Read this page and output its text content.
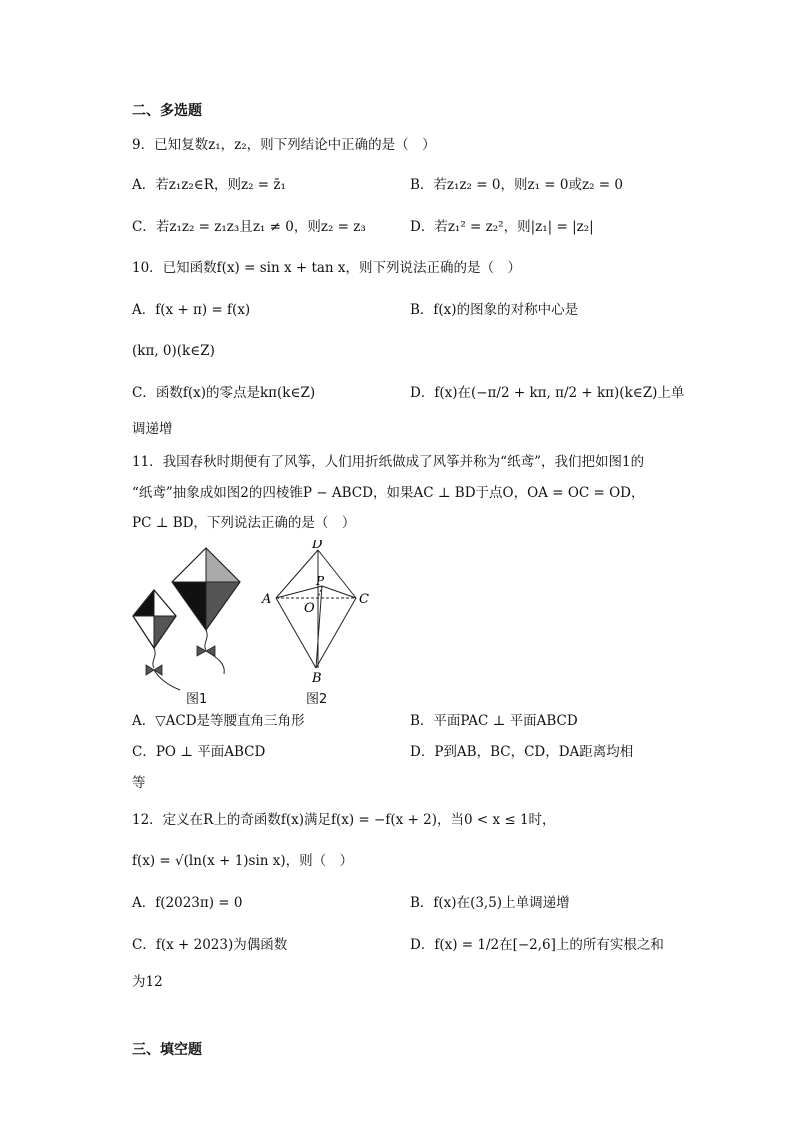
二、多选题
9．已知复数z₁，z₂，则下列结论中正确的是（　）
A．若z₁z₂∈R，则z₂ = z̄₁	B．若z₁z₂ = 0，则z₁ = 0或z₂ = 0
C．若z₁z₂ = z₁z₃且z₁ ≠ 0，则z₂ = z₃	D．若z₁² = z₂²，则|z₁| = |z₂|
10．已知函数f(x) = sin x + tan x，则下列说法正确的是（　）
A．f(x + π) = f(x)	B．f(x)的图象的对称中心是
(kπ, 0)(k∈Z)
C．函数f(x)的零点是kπ(k∈Z)	D．f(x)在(−π/2 + kπ, π/2 + kπ)(k∈Z)上单
调递增
11．我国春秋时期便有了风筝，人们用折纸做成了风筝并称为“纸鸢”，我们把如图1的
“纸鸢”抽象成如图2的四棱锥P − ABCD，如果AC ⊥ BD于点O，OA = OC = OD，
PC ⊥ BD，下列说法正确的是（　）
D
P
A
O
C
B
图1	图2
A．▽ACD是等腰直角三角形	B．平面PAC ⊥ 平面ABCD
C．PO ⊥ 平面ABCD	D．P到AB，BC，CD，DA距离均相
等
12．定义在R上的奇函数f(x)满足f(x) = −f(x + 2)，当0 < x ≤ 1时，
f(x) = √(ln(x + 1)sin x)，则（　）
A．f(2023π) = 0	B．f(x)在(3,5)上单调递增
C．f(x + 2023)为偶函数	D．f(x) = 1/2在[−2,6]上的所有实根之和
为12
三、填空题
